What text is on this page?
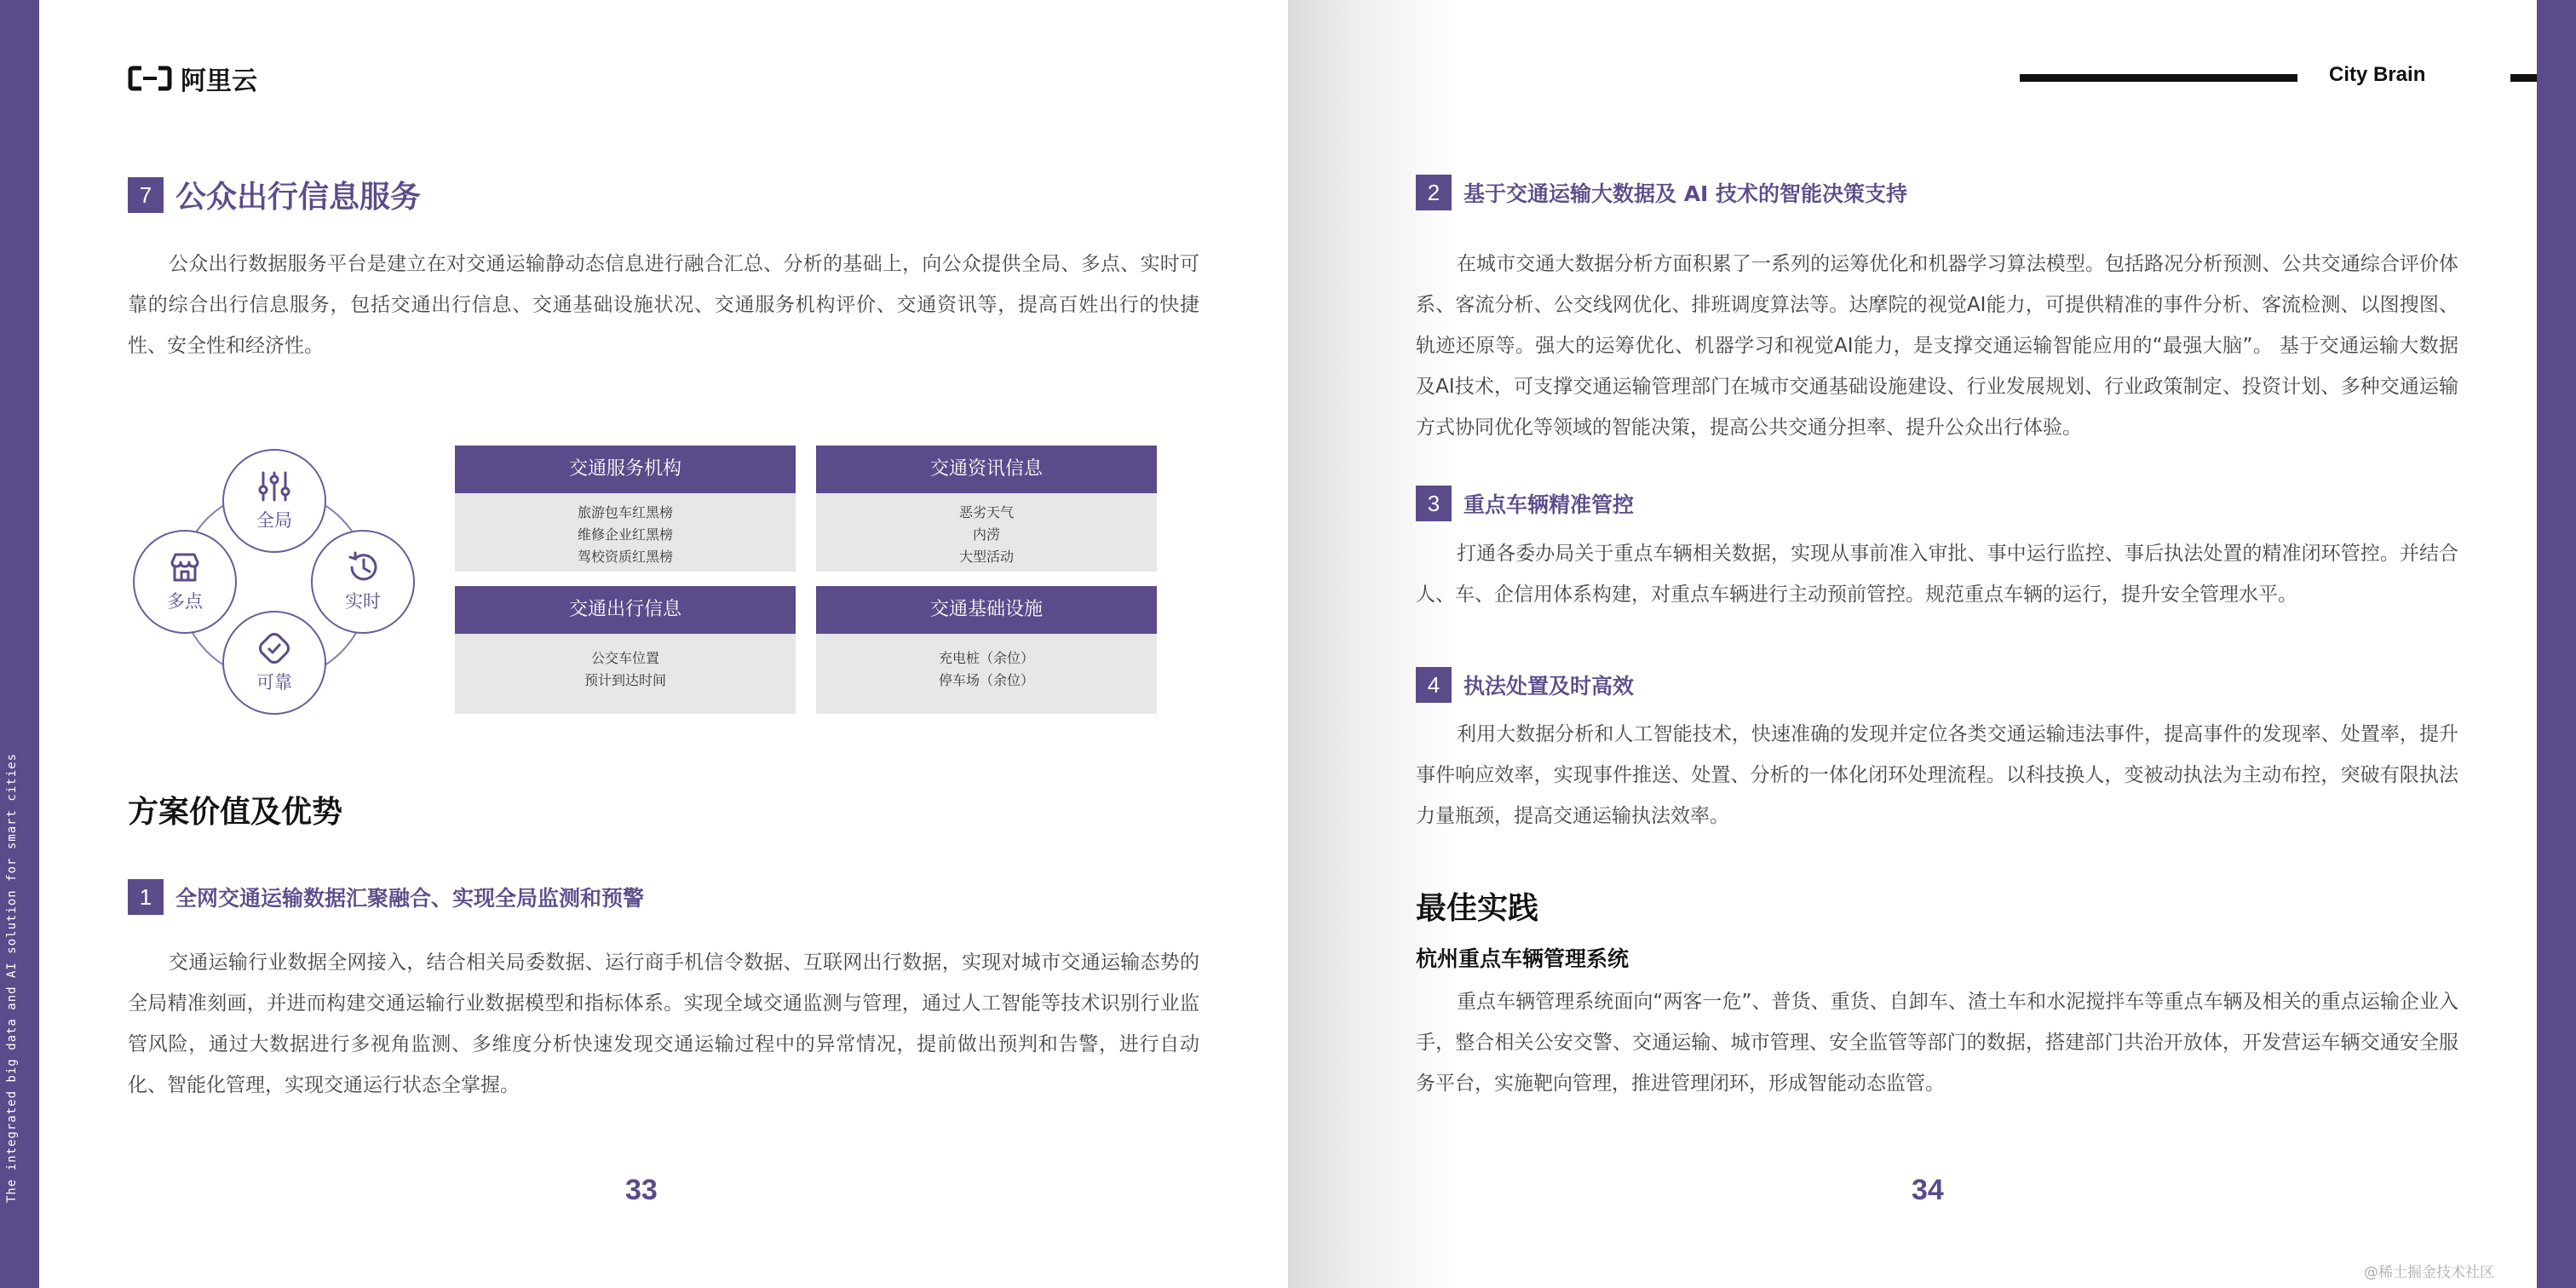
The integrated big data and AI solution for smart cities
阿里云
7 公众出行信息服务
公众出行数据服务平台是建立在对交通运输静动态信息进行融合汇总、分析的基础上，向公众提供全局、多点、实时可靠的综合出行信息服务，包括交通出行信息、交通基础设施状况、交通服务机构评价、交通资讯等，提高百姓出行的快捷性、安全性和经济性。
全局
实时
可靠
多点
交通服务机构
旅游包车红黑榜
维修企业红黑榜
驾校资质红黑榜
交通资讯信息
恶劣天气
内涝
大型活动
交通出行信息
公交车位置
预计到达时间
交通基础设施
充电桩（余位）
停车场（余位）
方案价值及优势
1	全网交通运输数据汇聚融合、实现全局监测和预警
交通运输行业数据全网接入，结合相关局委数据、运行商手机信令数据、互联网出行数据，实现对城市交通运输态势的全局精准刻画，并进而构建交通运输行业数据模型和指标体系。实现全域交通监测与管理，通过人工智能等技术识别行业监管风险，通过大数据进行多视角监测、多维度分析快速发现交通运输过程中的异常情况，提前做出预判和告警，进行自动化、智能化管理，实现交通运行状态全掌握。
33
City Brain
2	基于交通运输大数据及 AI 技术的智能决策支持
在城市交通大数据分析方面积累了一系列的运筹优化和机器学习算法模型。包括路况分析预测、公共交通综合评价体系、客流分析、公交线网优化、排班调度算法等。达摩院的视觉AI能力，可提供精准的事件分析、客流检测、以图搜图、轨迹还原等。强大的运筹优化、机器学习和视觉AI能力，是支撑交通运输智能应用的“最强大脑”。 基于交通运输大数据及AI技术，可支撑交通运输管理部门在城市交通基础设施建设、行业发展规划、行业政策制定、投资计划、多种交通运输方式协同优化等领域的智能决策，提高公共交通分担率、提升公众出行体验。
3	重点车辆精准管控
打通各委办局关于重点车辆相关数据，实现从事前准入审批、事中运行监控、事后执法处置的精准闭环管控。并结合人、车、企信用体系构建，对重点车辆进行主动预前管控。规范重点车辆的运行，提升安全管理水平。
4	执法处置及时高效
利用大数据分析和人工智能技术，快速准确的发现并定位各类交通运输违法事件，提高事件的发现率、处置率，提升事件响应效率，实现事件推送、处置、分析的一体化闭环处理流程。以科技换人，变被动执法为主动布控，突破有限执法力量瓶颈，提高交通运输执法效率。
最佳实践
杭州重点车辆管理系统
重点车辆管理系统面向“两客一危”、普货、重货、自卸车、渣土车和水泥搅拌车等重点车辆及相关的重点运输企业入手，整合相关公安交警、交通运输、城市管理、安全监管等部门的数据，搭建部门共治开放体，开发营运车辆交通安全服务平台，实施靶向管理，推进管理闭环，形成智能动态监管。
34
@稀土掘金技术社区
